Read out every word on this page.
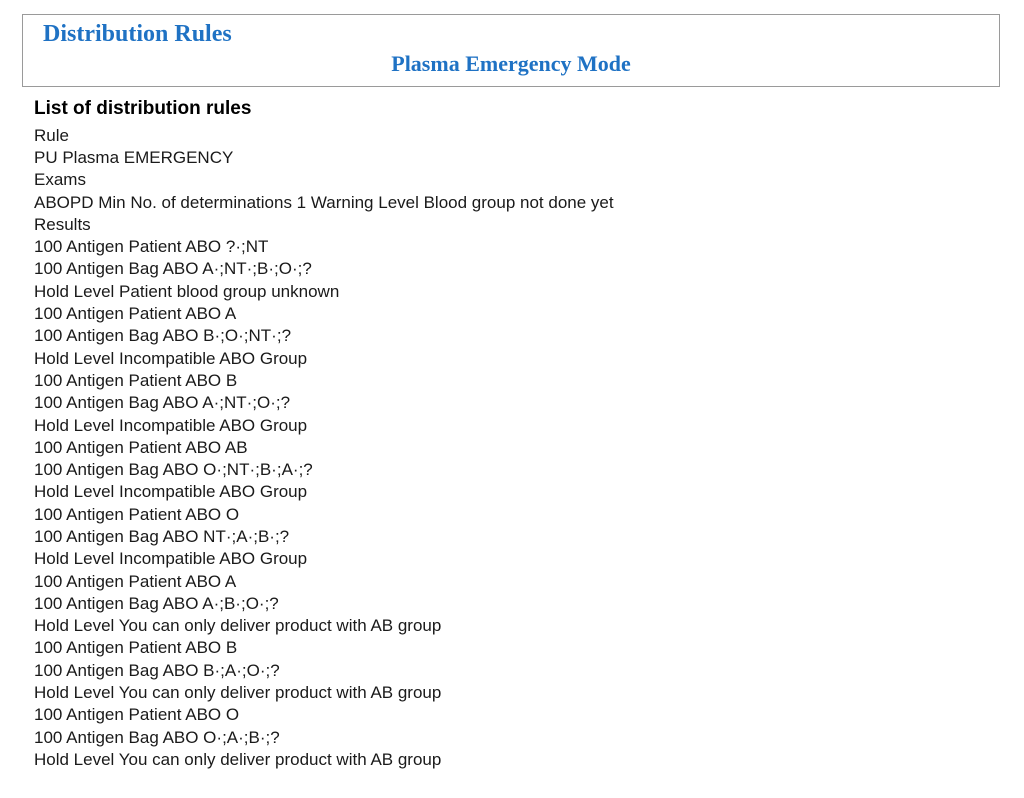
Distribution Rules
Plasma Emergency Mode
List of distribution rules
Rule
PU Plasma EMERGENCY
Exams
ABOPD Min No. of determinations 1 Warning Level Blood group not done yet
Results
100 Antigen Patient ABO ?·;NT
100 Antigen Bag ABO A·;NT·;B·;O·;?
Hold Level Patient blood group unknown
100 Antigen Patient ABO A
100 Antigen Bag ABO B·;O·;NT·;?
Hold Level Incompatible ABO Group
100 Antigen Patient ABO B
100 Antigen Bag ABO A·;NT·;O·;?
Hold Level Incompatible ABO Group
100 Antigen Patient ABO AB
100 Antigen Bag ABO O·;NT·;B·;A·;?
Hold Level Incompatible ABO Group
100 Antigen Patient ABO O
100 Antigen Bag ABO NT·;A·;B·;?
Hold Level Incompatible ABO Group
100 Antigen Patient ABO A
100 Antigen Bag ABO A·;B·;O·;?
Hold Level You can only deliver product with AB group
100 Antigen Patient ABO B
100 Antigen Bag ABO B·;A·;O·;?
Hold Level You can only deliver product with AB group
100 Antigen Patient ABO O
100 Antigen Bag ABO O·;A·;B·;?
Hold Level You can only deliver product with AB group
